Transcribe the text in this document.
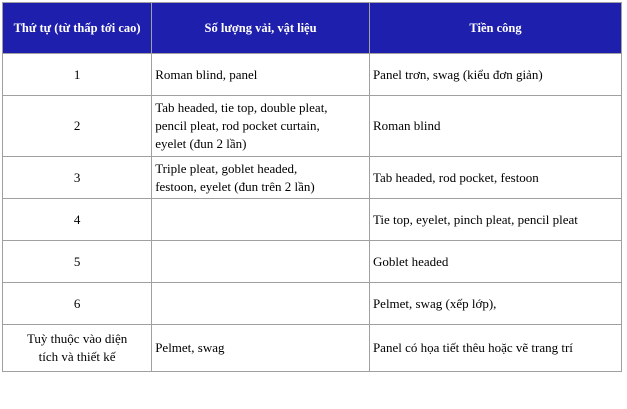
Thứ tự (từ thấp tới cao)	Số lượng vải, vật liệu	Tiền công
1	Roman blind, panel	Panel trơn, swag (kiểu đơn giản)
2	Tab headed, tie top, double pleat,
pencil pleat, rod pocket curtain,
eyelet (đun 2 lần)	Roman blind
3	Triple pleat, goblet headed,
festoon, eyelet (đun trên 2 lần)	Tab headed, rod pocket, festoon
4		Tie top, eyelet, pinch pleat, pencil pleat
5		Goblet headed
6		Pelmet, swag (xếp lớp),
Tuỳ thuộc vào diện
tích và thiết kế	Pelmet, swag	Panel có họa tiết thêu hoặc vẽ trang trí
